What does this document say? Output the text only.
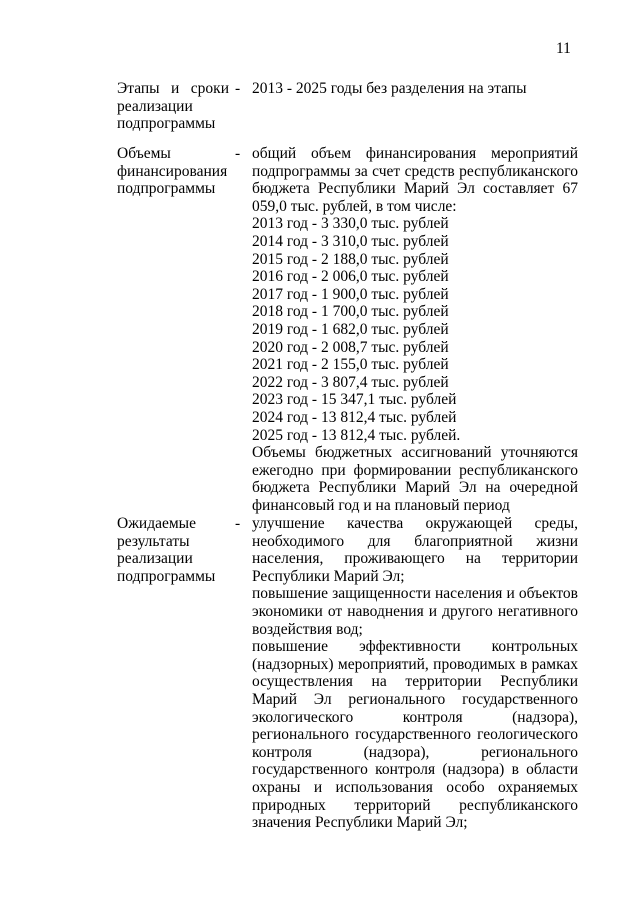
11
Этапы и сроки
реализации подпрограммы
- 2013 - 2025 годы без разделения на этапы
Объемы финансирования подпрограммы
- общий объем финансирования мероприятий подпрограммы за счет средств республиканского бюджета Республики Марий Эл составляет 67 059,0 тыс. рублей, в том числе:

2013 год - 3 330,0 тыс. рублей
2014 год - 3 310,0 тыс. рублей
2015 год - 2 188,0 тыс. рублей
2016 год - 2 006,0 тыс. рублей
2017 год - 1 900,0 тыс. рублей
2018 год - 1 700,0 тыс. рублей
2019 год - 1 682,0 тыс. рублей
2020 год - 2 008,7 тыс. рублей
2021 год - 2 155,0 тыс. рублей
2022 год - 3 807,4 тыс. рублей
2023 год - 15 347,1 тыс. рублей
2024 год - 13 812,4 тыс. рублей
2025 год - 13 812,4 тыс. рублей.

Объемы бюджетных ассигнований уточняются ежегодно при формировании республиканского бюджета Республики Марий Эл на очередной финансовый год и на плановый период

Ожидаемые результаты реализации подпрограммы
- улучшение качества окружающей среды, необходимого для благоприятной жизни населения, проживающего на территории Республики Марий Эл;

повышение защищенности населения и объектов экономики от наводнения и другого негативного воздействия вод;

повышение эффективности контрольных (надзорных) мероприятий, проводимых в рамках осуществления на территории Республики Марий Эл регионального государственного экологического контроля (надзора), регионального государственного геологического контроля (надзора), регионального государственного контроля (надзора) в области охраны и использования особо охраняемых природных территорий республиканского значения Республики Марий Эл;
